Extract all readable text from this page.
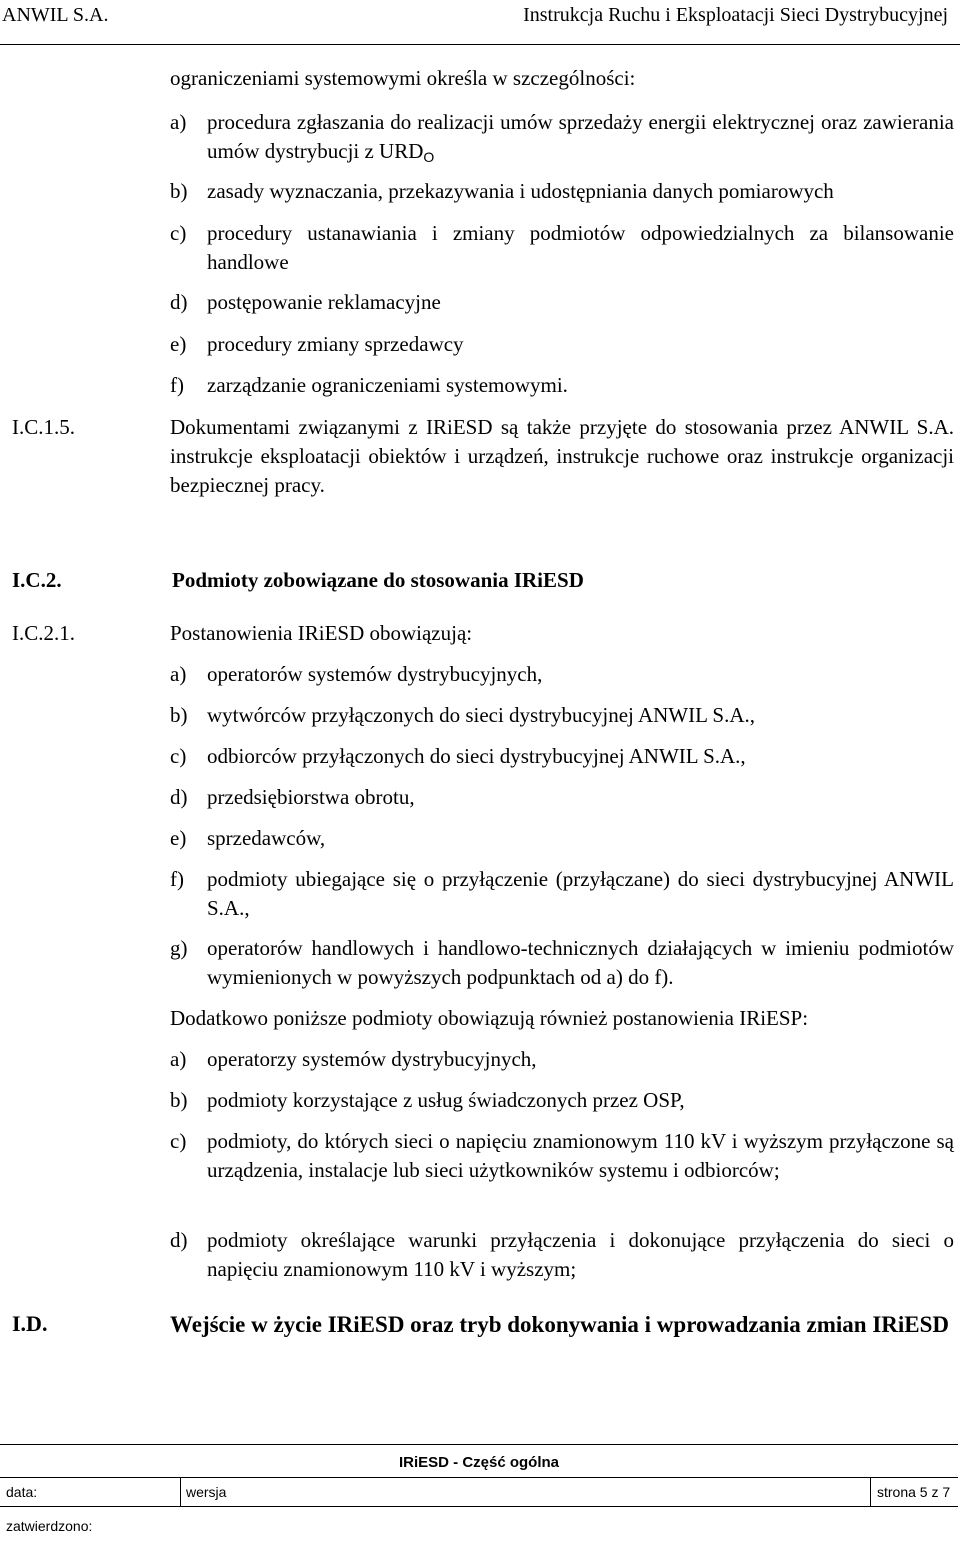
ANWIL S.A.	Instrukcja Ruchu i Eksploatacji Sieci Dystrybucyjnej

ograniczeniami systemowymi określa w szczególności:

a) procedura zgłaszania do realizacji umów sprzedaży energii elektrycznej oraz zawierania umów dystrybucji z $URD_O$
b) zasady wyznaczania, przekazywania i udostępniania danych pomiarowych
c) procedury ustanawiania i zmiany podmiotów odpowiedzialnych za bilansowanie handlowe
d) postępowanie reklamacyjne
e) procedury zmiany sprzedawcy
f) zarządzanie ograniczeniami systemowymi.
I.C.1.5.	Dokumentami związanymi z IRiESD są także przyjęte do stosowania przez ANWIL S.A. instrukcje eksploatacji obiektów i urządzeń, instrukcje ruchowe oraz instrukcje organizacji bezpiecznej pracy.

I.C.2.	Podmioty zobowiązane do stosowania IRiESD
I.C.2.1.	Postanowienia IRiESD obowiązują:

a) operatorów systemów dystrybucyjnych,
b) wytwórców przyłączonych do sieci dystrybucyjnej ANWIL S.A.,
c) odbiorców przyłączonych do sieci dystrybucyjnej ANWIL S.A.,
d) przedsiębiorstwa obrotu,
e) sprzedawców,
f) podmioty ubiegające się o przyłączenie (przyłączane) do sieci dystrybucyjnej ANWIL S.A.,
g) operatorów handlowych i handlowo-technicznych działających w imieniu podmiotów wymienionych w powyższych podpunktach od a) do f).

Dodatkowo poniższe podmioty obowiązują również postanowienia IRiESP:

a) operatorzy systemów dystrybucyjnych,
b) podmioty korzystające z usług świadczonych przez OSP,
c) podmioty, do których sieci o napięciu znamionowym 110 kV i wyższym przyłączone są urządzenia, instalacje lub sieci użytkowników systemu i odbiorców;
d) podmioty określające warunki przyłączenia i dokonujące przyłączenia do sieci o napięciu znamionowym 110 kV i wyższym;
I.D.	Wejście w życie IRiESD oraz tryb dokonywania i wprowadzania zmian IRiESD

IRiESD - Część ogólna
data:	wersja	strona 5 z 7
zatwierdzono:
